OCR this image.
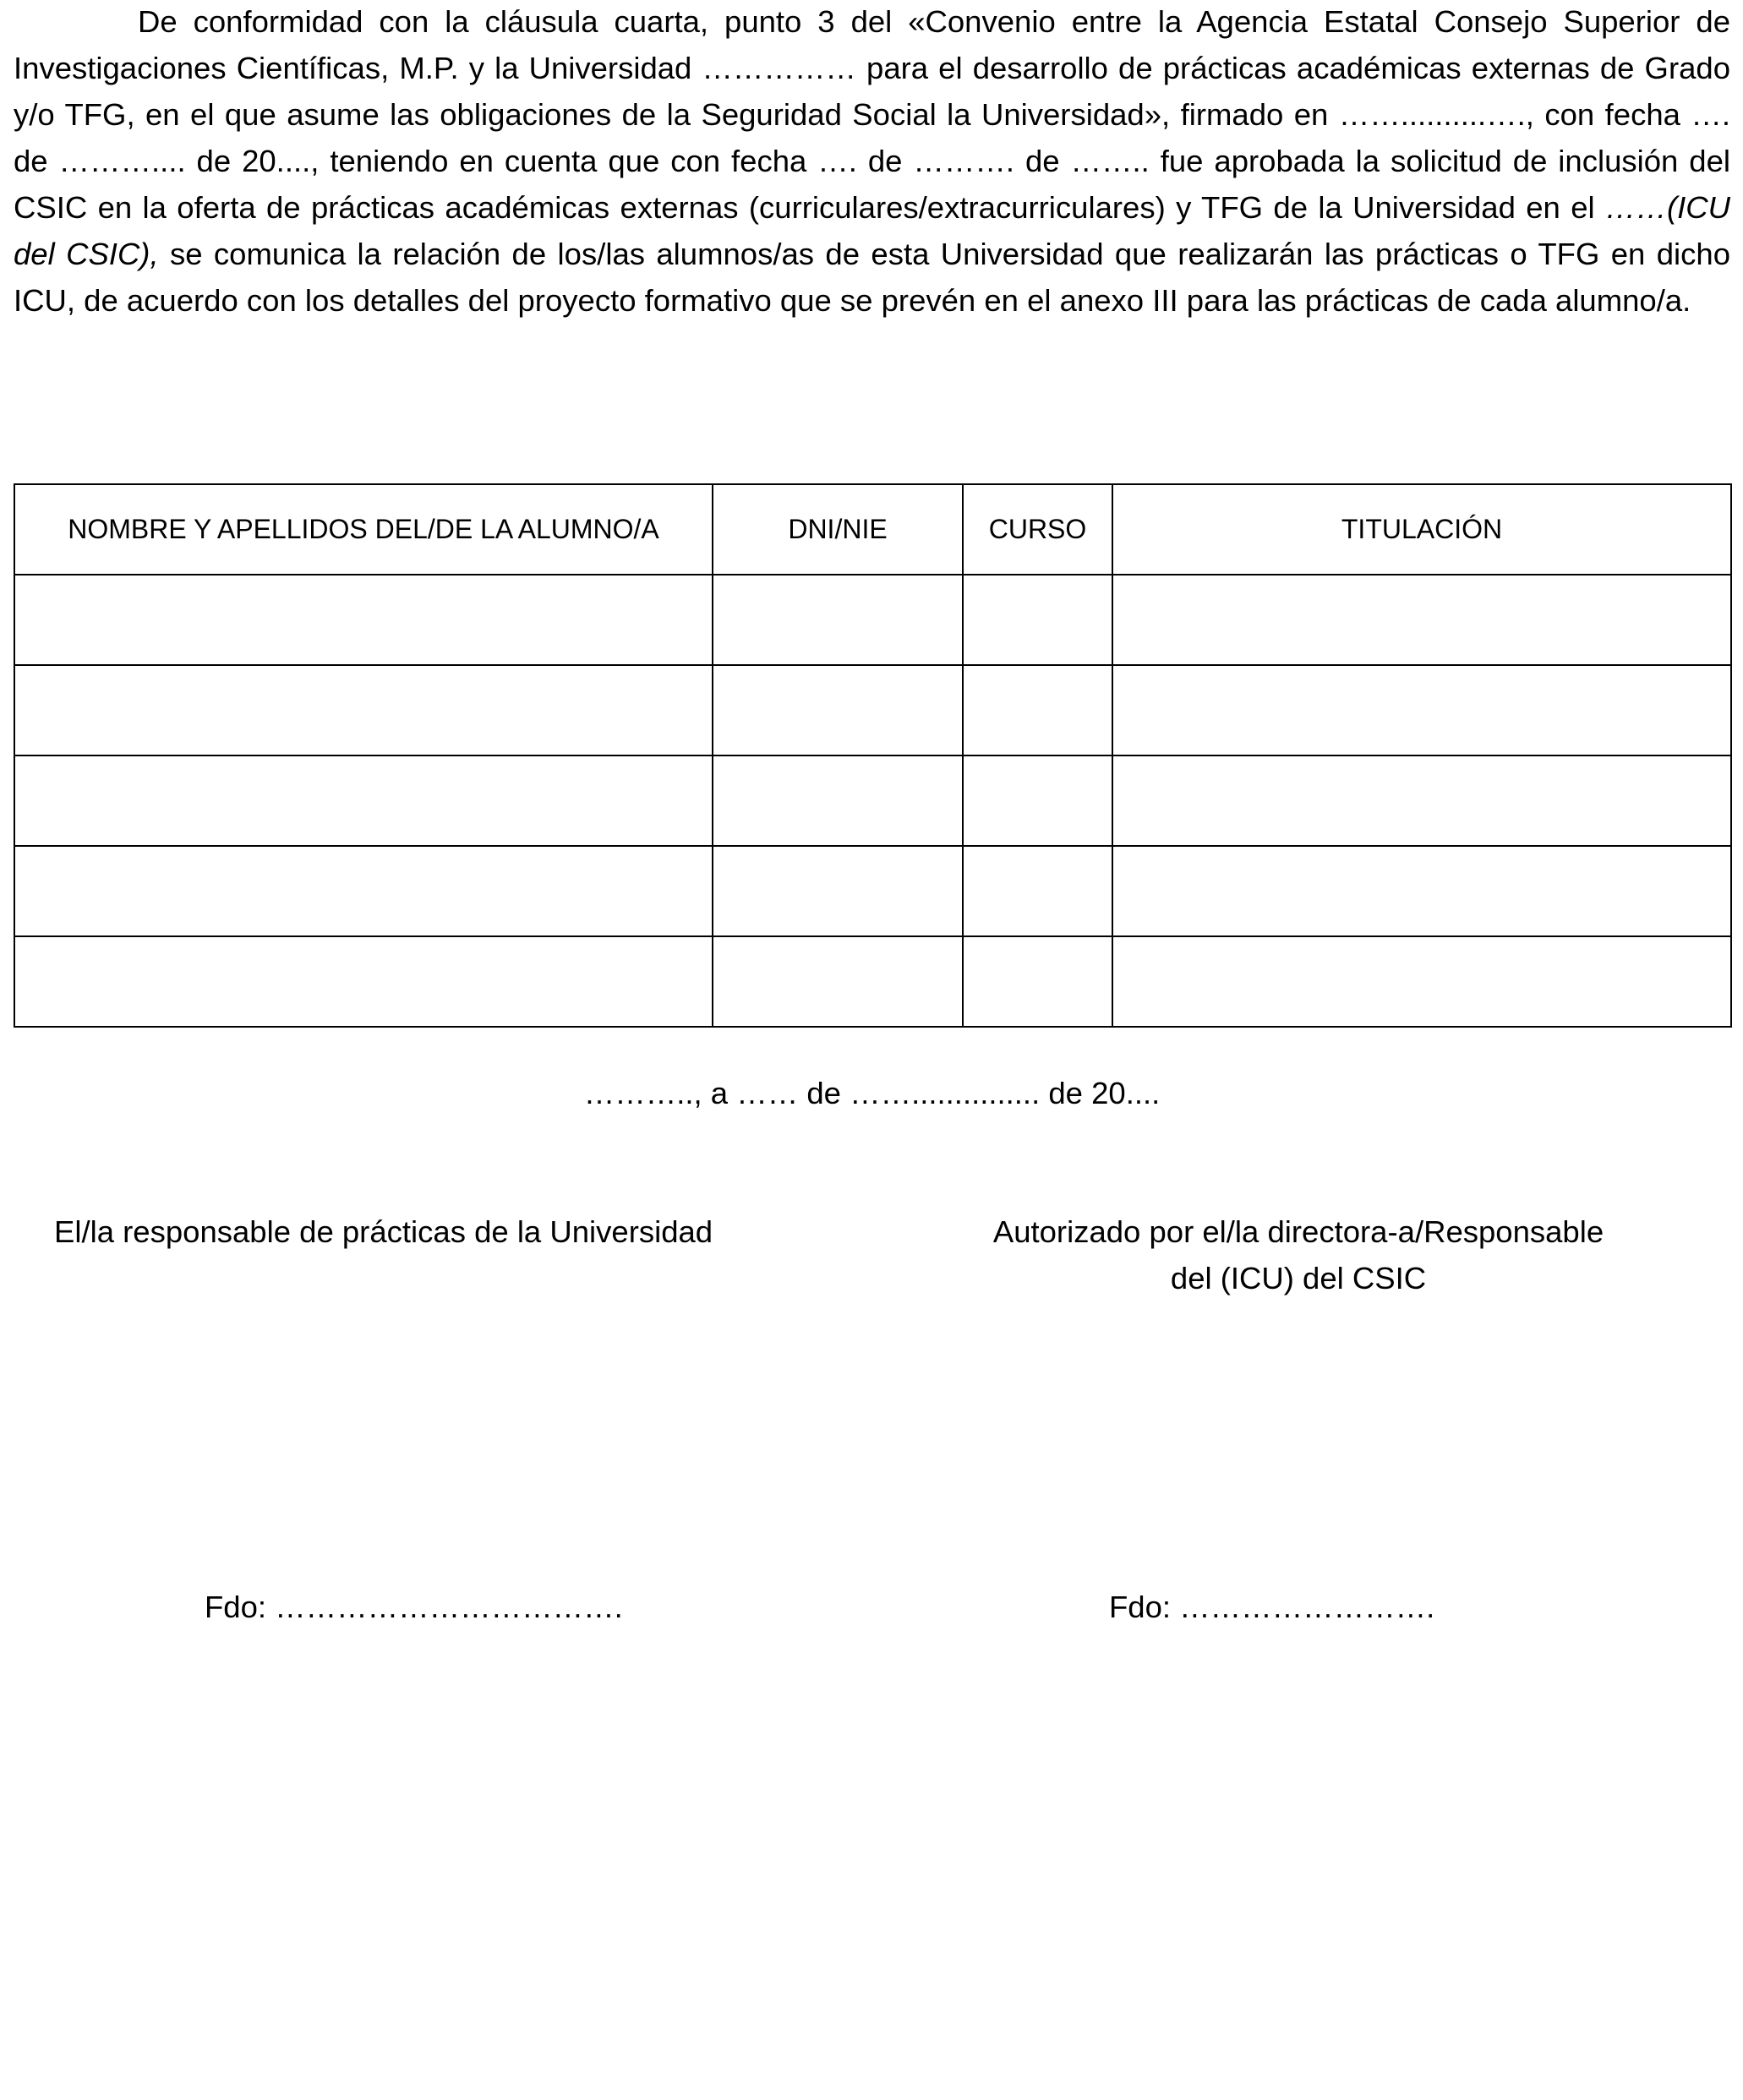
De conformidad con la cláusula cuarta, punto 3 del «Convenio entre la Agencia Estatal Consejo Superior de Investigaciones Científicas, M.P. y la Universidad …………… para el desarrollo de prácticas académicas externas de Grado y/o TFG, en el que asume las obligaciones de la Seguridad Social la Universidad», firmado en ……..........…., con fecha …. de ……….... de 20...., teniendo en cuenta que con fecha …. de ………. de …….. fue aprobada la solicitud de inclusión del CSIC en la oferta de prácticas académicas externas (curriculares/extracurriculares) y TFG de la Universidad en el ……(ICU del CSIC), se comunica la relación de los/las alumnos/as de esta Universidad que realizarán las prácticas o TFG en dicho ICU, de acuerdo con los detalles del proyecto formativo que se prevén en el anexo III para las prácticas de cada alumno/a.

NOMBRE Y APELLIDOS DEL/DE LA ALUMNO/A	DNI/NIE	CURSO	TITULACIÓN

……….., a …… de ……............... de 20....
El/la responsable de prácticas de la Universidad	Autorizado por el/la directora-a/Responsable
del (ICU) del CSIC
Fdo: …………………………….	Fdo: …………………….
